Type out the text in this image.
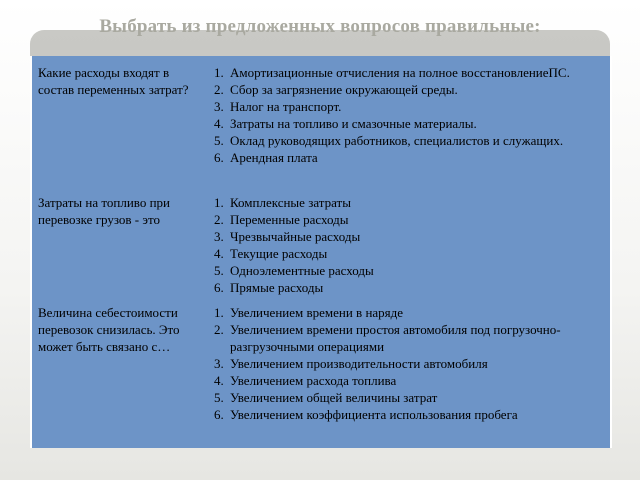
Выбрать из предложенных вопросов правильные:
Какие расходы входят в состав переменных затрат?
1. Амортизационные отчисления на полное восстановлениеПС.
2. Сбор за загрязнение окружающей среды.
3. Налог на транспорт.
4. Затраты на топливо и смазочные материалы.
5. Оклад руководящих работников, специалистов и служащих.
6. Арендная плата
Затраты на топливо при перевозке грузов - это
1. Комплексные затраты
2. Переменные расходы
3. Чрезвычайные расходы
4. Текущие расходы
5. Одноэлементные расходы
6. Прямые расходы
Величина себестоимости перевозок снизилась. Это может быть связано с…
1. Увеличением времени в наряде
2. Увеличением времени простоя автомобиля под погрузочно-разгрузочными операциями
3. Увеличением производительности автомобиля
4. Увеличением расхода топлива
5. Увеличением общей величины затрат
6. Увеличением коэффициента использования пробега
